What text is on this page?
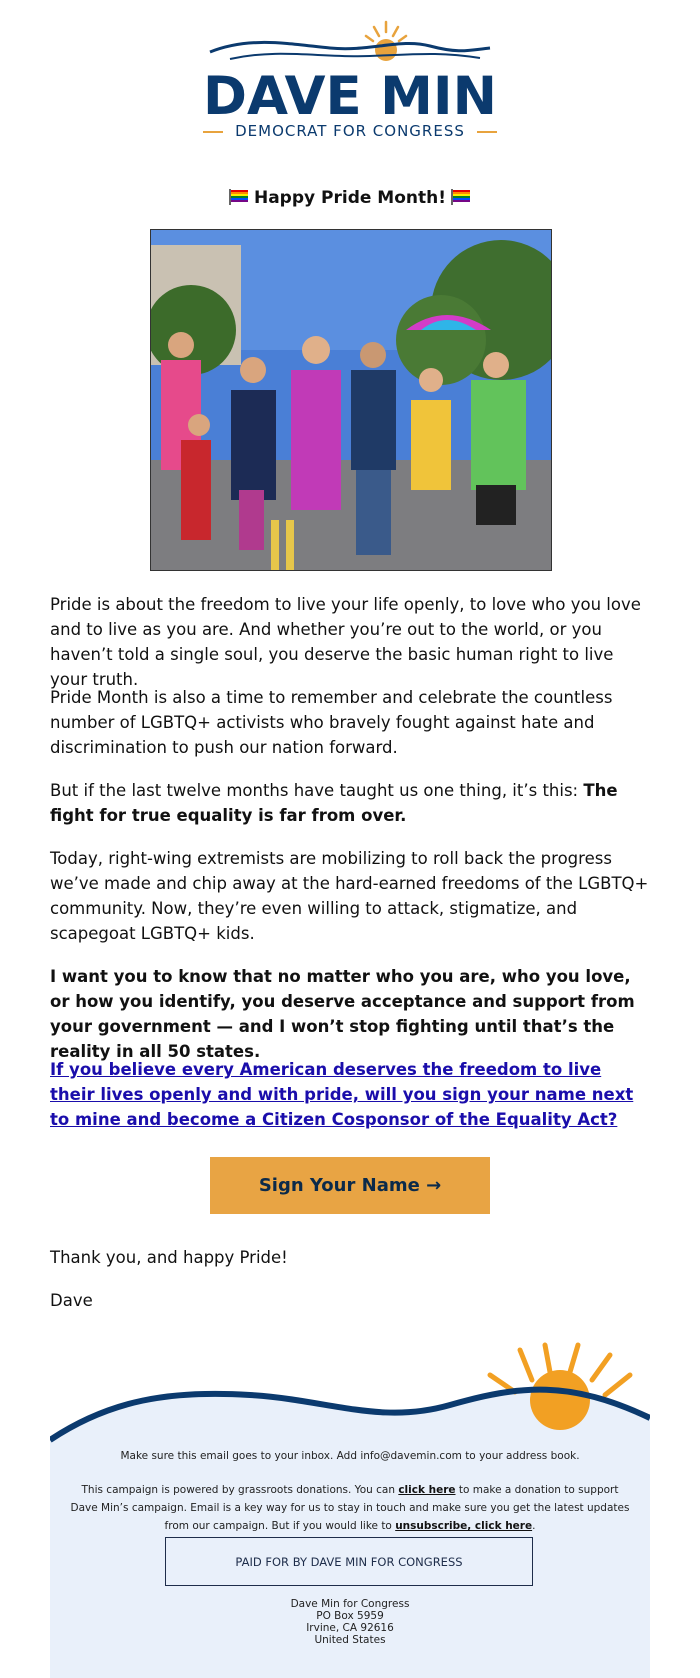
DAVE MIN
DEMOCRAT FOR CONGRESS
Happy Pride Month!

Pride is about the freedom to live your life openly, to love who you love and to live as you are. And whether you’re out to the world, or you haven’t told a single soul, you deserve the basic human right to live your truth.

Pride Month is also a time to remember and celebrate the countless number of LGBTQ+ activists who bravely fought against hate and discrimination to push our nation forward.

But if the last twelve months have taught us one thing, it’s this: The fight for true equality is far from over.

Today, right-wing extremists are mobilizing to roll back the progress we’ve made and chip away at the hard-earned freedoms of the LGBTQ+ community. Now, they’re even willing to attack, stigmatize, and scapegoat LGBTQ+ kids.

I want you to know that no matter who you are, who you love, or how you identify, you deserve acceptance and support from your government — and I won’t stop fighting until that’s the reality in all 50 states.

If you believe every American deserves the freedom to live their lives openly and with pride, will you sign your name next to mine and become a Citizen Cosponsor of the Equality Act?

Sign Your Name →

Thank you, and happy Pride!

Dave

Make sure this email goes to your inbox. Add info@davemin.com to your address book.
This campaign is powered by grassroots donations. You can click here to make a donation to support Dave Min’s campaign. Email is a key way for us to stay in touch and make sure you get the latest updates from our campaign. But if you would like to unsubscribe, click here.
PAID FOR BY DAVE MIN FOR CONGRESS
Dave Min for Congress
PO Box 5959
Irvine, CA 92616
United States
